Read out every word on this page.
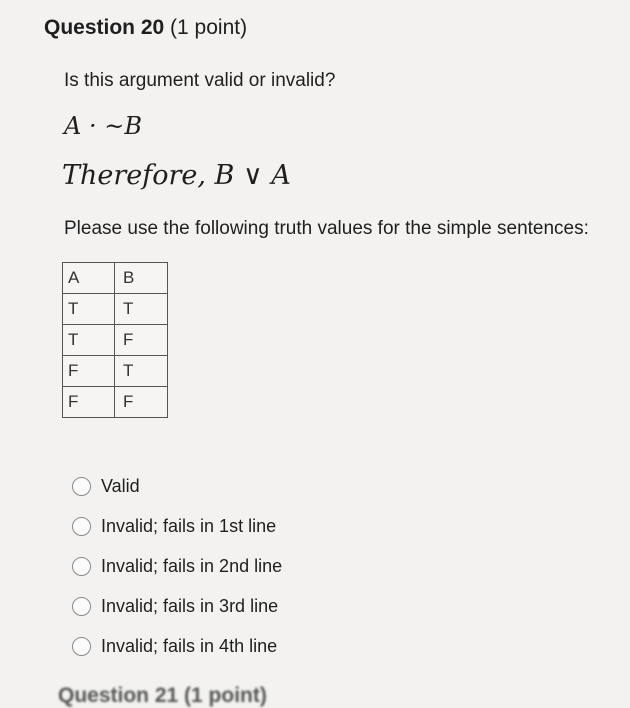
Question 20 (1 point)
Is this argument valid or invalid?
A · ~B
Therefore, B ∨ A
Please use the following truth values for the simple sentences:
A	B
T	T
T	F
F	T
F	F
Valid
Invalid; fails in 1st line
Invalid; fails in 2nd line
Invalid; fails in 3rd line
Invalid; fails in 4th line
Question 21 (1 point)
